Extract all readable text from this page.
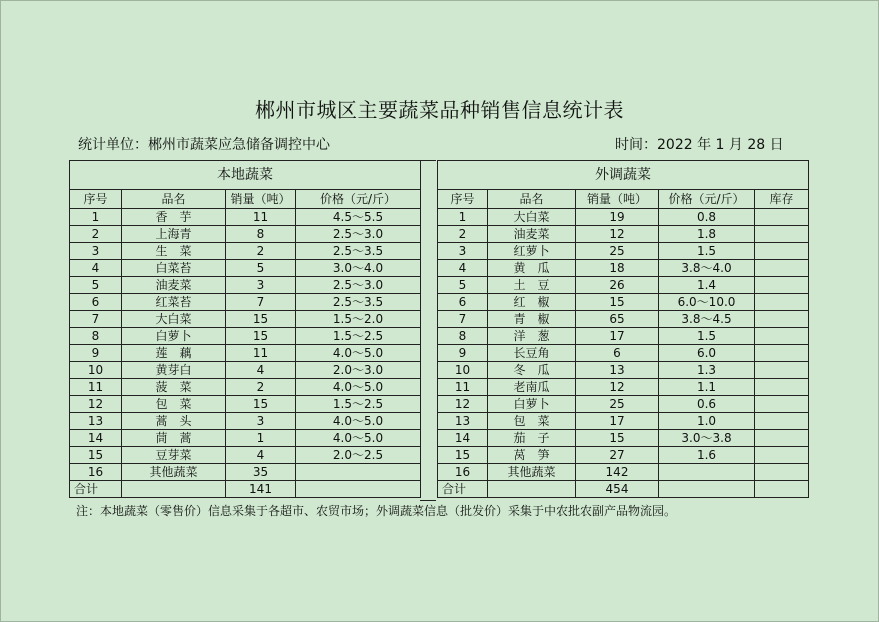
郴州市城区主要蔬菜品种销售信息统计表
统计单位：郴州市蔬菜应急储备调控中心	时间：2022 年 1 月 28 日
本地蔬菜			
序号	品名	销量（吨）	价格（元/斤）
1	香　芋	11	4.5～5.5
2	上海青	8	2.5～3.0
3	生　菜	2	2.5～3.5
4	白菜苔	5	3.0～4.0
5	油麦菜	3	2.5～3.0
6	红菜苔	7	2.5～3.5
7	大白菜	15	1.5～2.0
8	白萝卜	15	1.5～2.5
9	莲　藕	11	4.0～5.0
10	黄芽白	4	2.0～3.0
11	菠　菜	2	4.0～5.0
12	包　菜	15	1.5～2.5
13	蒿　头	3	4.0～5.0
14	茼　蒿	1	4.0～5.0
15	豆芽菜	4	2.0～2.5
16	其他蔬菜	35	
合计		141	
外调蔬菜				
序号	品名	销量（吨）	价格（元/斤）	库存
1	大白菜	19	0.8	
2	油麦菜	12	1.8	
3	红萝卜	25	1.5	
4	黄　瓜	18	3.8～4.0	
5	土　豆	26	1.4	
6	红　椒	15	6.0～10.0	
7	青　椒	65	3.8～4.5	
8	洋　葱	17	1.5	
9	长豆角	6	6.0	
10	冬　瓜	13	1.3	
11	老南瓜	12	1.1	
12	白萝卜	25	0.6	
13	包　菜	17	1.0	
14	茄　子	15	3.0～3.8	
15	莴　笋	27	1.6	
16	其他蔬菜	142		
合计		454		
注：本地蔬菜（零售价）信息采集于各超市、农贸市场；外调蔬菜信息（批发价）采集于中农批农副产品物流园。
